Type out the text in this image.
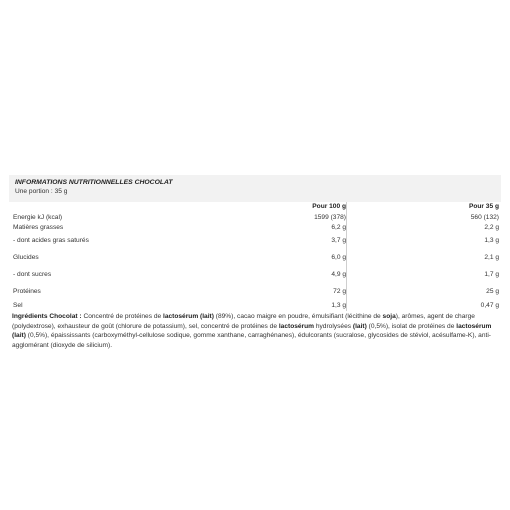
INFORMATIONS NUTRITIONNELLES CHOCOLAT
Une portion : 35 g
	Pour 100 g		Pour 35 g
Energie kJ (kcal)	1599 (378)		560 (132)
Matières grasses	6,2 g		2,2 g
- dont acides gras saturés	3,7 g		1,3 g
Glucides	6,0 g		2,1 g
- dont sucres	4,9 g		1,7 g
Protéines	72 g		25 g
Sel	1,3 g		0,47 g
Ingrédients Chocolat : Concentré de protéines de lactosérum (lait) (89%), cacao maigre en poudre, émulsifiant (lécithine de soja), arômes, agent de charge (polydextrose), exhausteur de goût (chlorure de potassium), sel, concentré de protéines de lactosérum hydrolysées (lait) (0,5%), isolat de protéines de lactosérum (lait) (0,5%), épaississants (carboxyméthyl-cellulose sodique, gomme xanthane, carraghénanes), édulcorants (sucralose, glycosides de stéviol, acésulfame-K), anti-agglomérant (dioxyde de silicium).
